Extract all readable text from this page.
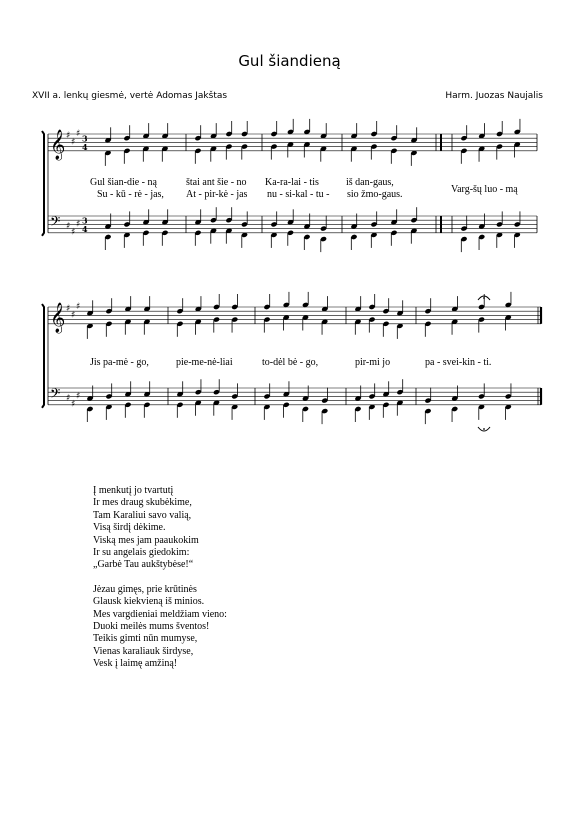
Gul šiandieną
XVII a. lenkų giesmė, vertė Adomas Jakštas	Harm. Juozas Naujalis
𝄞 ♯
♯
♯ 3
4
𝄢 ♯
♯
♯ 3
4
𝄞 ♯
♯
♯
𝄢 ♯
♯
♯
Gul šian-die - ną	štai ant šie - no Ka-ra-lai - tis	iš dan-gaus,
Varg-šų luo - mą
Su - kū - rė - jas, At - pir-kė - jas nu - si-kal - tu - sio žmo-gaus.
Jis pa-mė - go,	pie-me-nė-liai	to-dėl bė - go,	pir-mi jo	pa - svei-kin - ti.
Į menkutį jo tvartutį
Ir mes draug skubėkime,
Tam Karaliui savo valią,
Visą širdį dėkime.
Viską mes jam paaukokim
Ir su angelais giedokim:
„Garbė Tau aukštybėse!“
Jėzau gimęs, prie krūtinės
Glausk kiekvieną iš minios.
Mes vargdieniai meldžiam vieno:
Duoki meilės mums šventos!
Teikis gimti nūn mumyse,
Vienas karaliauk širdyse,
Vesk į laimę amžiną!
